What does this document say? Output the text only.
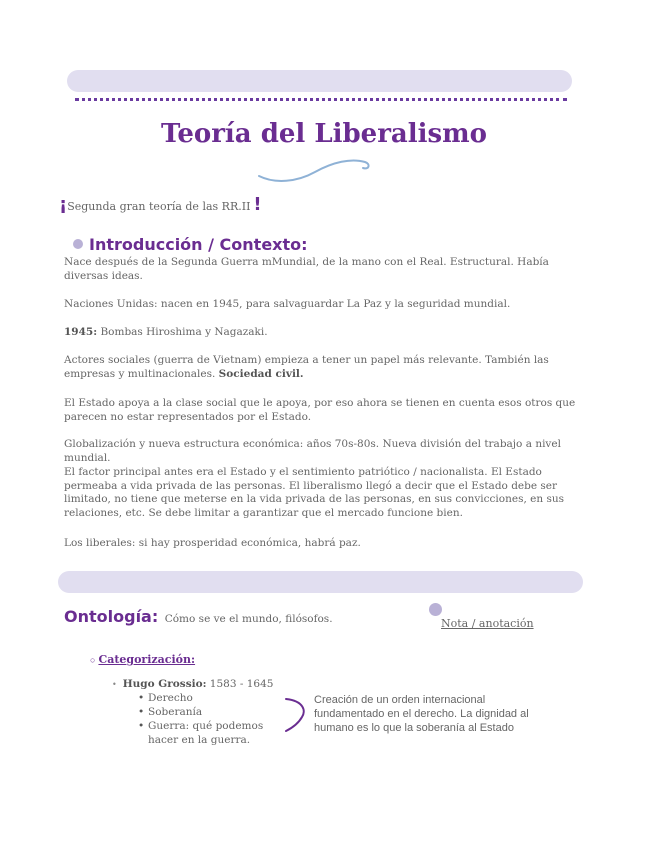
Teoría del Liberalismo
¡Segunda gran teoría de las RR.II !
Introducción / Contexto:

Nace después de la Segunda Guerra mMundial, de la mano con el Real. Estructural. Había diversas ideas.

Naciones Unidas: nacen en 1945, para salvaguardar La Paz y la seguridad mundial.

1945: Bombas Hiroshima y Nagazaki.

Actores sociales (guerra de Vietnam) empieza a tener un papel más relevante. También las empresas y multinacionales. Sociedad civil.

El Estado apoya a la clase social que le apoya, por eso ahora se tienen en cuenta esos otros que parecen no estar representados por el Estado.

Globalización y nueva estructura económica: años 70s-80s. Nueva división del trabajo a nivel mundial.

El factor principal antes era el Estado y el sentimiento patriótico / nacionalista. El Estado permeaba a vida privada de las personas. El liberalismo llegó a decir que el Estado debe ser limitado, no tiene que meterse en la vida privada de las personas, en sus convicciones, en sus relaciones, etc. Se debe limitar a garantizar que el mercado funcione bien.

Los liberales: si hay prosperidad económica, habrá paz.

Ontología: Cómo se ve el mundo, filósofos.	Nota / anotación
○ Categorización:
• Hugo Grossio: 1583 - 1645
• Derecho
• Soberanía
• Guerra: qué podemos hacer en la guerra.
Creación de un orden internacional fundamentado en el derecho. La dignidad al humano es lo que la soberanía al Estado
